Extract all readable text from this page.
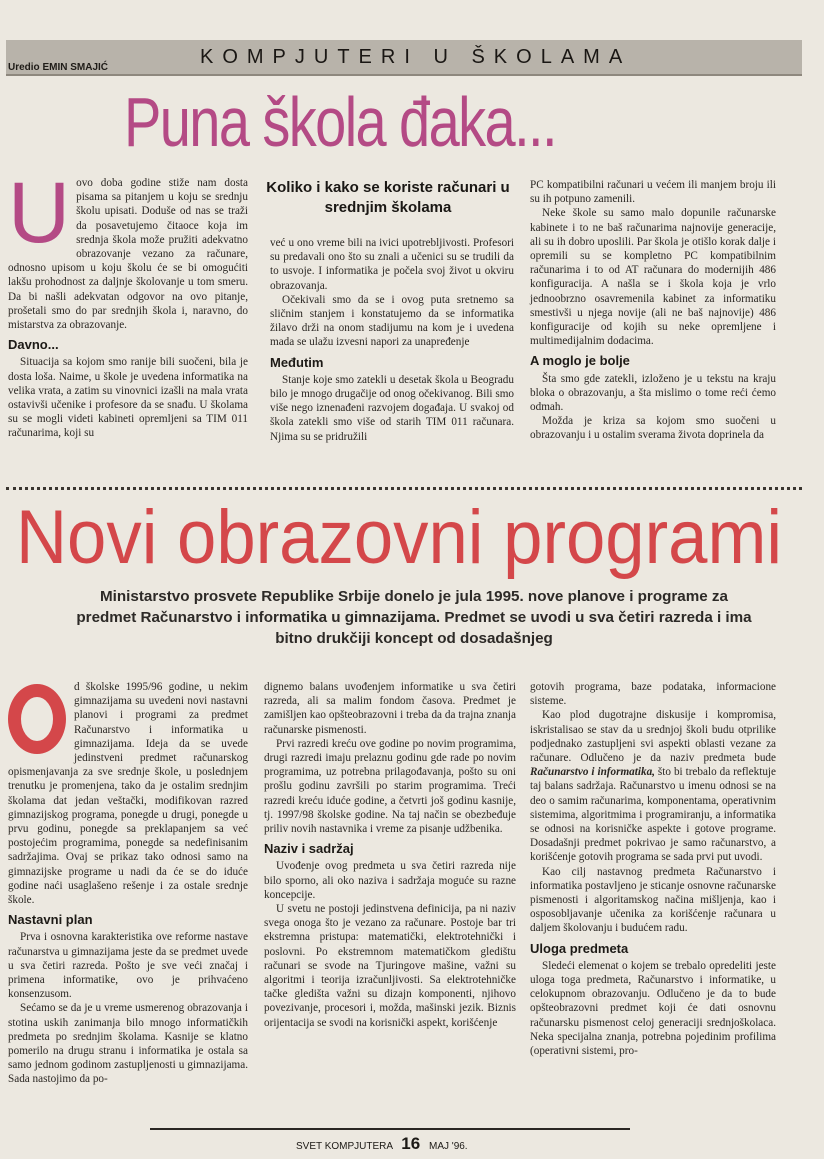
Uredio EMIN SMAJIĆ	KOMPJUTERI U ŠKOLAMA
Puna škola đaka...
U ovo doba godine stiže nam dosta pisama sa pitanjem u koju se srednju školu upisati. Doduše od nas se traži da posavetujemo čitaoce koja im srednja škola može pružiti adekvatno obrazovanje vezano za računare, odnosno upisom u koju školu će se bi omogućiti lakšu prohodnost za daljnje školovanje u tom smeru. Da bi našli adekvatan odgovor na ovo pitanje, prošetali smo do par srednjih škola i, naravno, do mistarstva za obrazovanje.

Davno...

Situacija sa kojom smo ranije bili suočeni, bila je dosta loša. Naime, u škole je uvedena informatika na velika vrata, a zatim su vinovnici izašli na mala vrata ostavivši učenike i profesore da se snađu. U školama su se mogli videti kabineti opremljeni sa TIM 011 računarima, koji su

Koliko i kako se koriste računari u srednjim školama

već u ono vreme bili na ivici upotrebljivosti. Profesori su predavali ono što su znali a učenici su se trudili da to usvoje. I informatika je počela svoj život u okviru obrazovanja.

Očekivali smo da se i ovog puta sretnemo sa sličnim stanjem i konstatujemo da se informatika žilavo drži na onom stadijumu na kom je i uvedena mada se ulažu izvesni napori za unapređenje

Međutim

Stanje koje smo zatekli u desetak škola u Beogradu bilo je mnogo drugačije od onog očekivanog. Bili smo više nego iznenađeni razvojem događaja. U svakoj od škola zatekli smo više od starih TIM 011 računara. Njima su se pridružili

PC kompatibilni računari u većem ili manjem broju ili su ih potpuno zamenili.

Neke škole su samo malo dopunile računarske kabinete i to ne baš računarima najnovije generacije, ali su ih dobro uposlili. Par škola je otišlo korak dalje i opremili su se kompletno PC kompatibilnim računarima i to od AT računara do modernijih 486 konfiguracija. A našla se i škola koja je vrlo jednoobrzno osavremenila kabinet za informatiku smestivši u njega novije (ali ne baš najnovije) 486 konfiguracije od kojih su neke opremljene i multimedijalnim dodacima.

A moglo je bolje

Šta smo gde zatekli, izloženo je u tekstu na kraju bloka o obrazovanju, a šta mislimo o tome reći ćemo odmah.

Možda je kriza sa kojom smo suočeni u obrazovanju i u ostalim sverama života doprinela da

Novi obrazovni programi
Ministarstvo prosvete Republike Srbije donelo je jula 1995. nove planove i programe za predmet Računarstvo i informatika u gimnazijama. Predmet se uvodi u sva četiri razreda i ima bitno drukčiji koncept od dosadašnjeg

d školske 1995/96 godine, u nekim gimnazijama su uvedeni novi nastavni planovi i programi za predmet Računarstvo i informatika u gimnazijama. Ideja da se uvede jedinstveni predmet računarskog opismenjavanja za sve srednje škole, u poslednjem trenutku je promenjena, tako da je ostalim srednjim školama dat jedan veštački, modifikovan razred gimnazijskog programa, ponegde u drugi, ponegde u prvu godinu, ponegde sa preklapanjem sa već postojećim programima, ponegde sa nedefinisanim sadržajima. Ovaj se prikaz tako odnosi samo na gimnazijske programe u nadi da će se do iduće godine naći usaglašeno rešenje i za ostale srednje škole.

Nastavni plan

Prva i osnovna karakteristika ove reforme nastave računarstva u gimnazijama jeste da se predmet uvede u sva četiri razreda. Pošto je sve veći značaj i primena informatike, ovo je prihvaćeno konsenzusom.

Sećamo se da je u vreme usmerenog obrazovanja i stotina uskih zanimanja bilo mnogo informatičkih predmeta po srednjim školama. Kasnije se klatno pomerilo na drugu stranu i informatika je ostala sa samo jednom godinom zastupljenosti u gimnazijama. Sada nastojimo da po-

dignemo balans uvođenjem informatike u sva četiri razreda, ali sa malim fondom časova. Predmet je zamišljen kao opšteobrazovni i treba da da trajna znanja računarske pismenosti.

Prvi razredi kreću ove godine po novim programima, drugi razredi imaju prelaznu godinu gde rade po novim programima, uz potrebna prilagođavanja, pošto su oni prošlu godinu završili po starim programima. Treći razredi kreću iduće godine, a četvrti još godinu kasnije, tj. 1997/98 školske godine. Na taj način se obezbeđuje priliv novih nastavnika i vreme za pisanje udžbenika.

Naziv i sadržaj

Uvođenje ovog predmeta u sva četiri razreda nije bilo sporno, ali oko naziva i sadržaja moguće su razne koncepcije.

U svetu ne postoji jedinstvena definicija, pa ni naziv svega onoga što je vezano za računare. Postoje bar tri ekstremna pristupa: matematički, elektrotehnički i poslovni. Po ekstremnom matematičkom gledištu računari se svode na Tjuringove mašine, važni su algoritmi i teorija izračunljivosti. Sa elektrotehničke tačke gledišta važni su dizajn komponenti, njihovo povezivanje, procesori i, možda, mašinski jezik. Biznis orijentacija se svodi na korisnički aspekt, korišćenje

gotovih programa, baze podataka, informacione sisteme.

Kao plod dugotrajne diskusije i kompromisa, iskristalisao se stav da u srednjoj školi budu otprilike podjednako zastupljeni svi aspekti oblasti vezane za računare. Odlučeno je da naziv predmeta bude Računarstvo i informatika, što bi trebalo da reflektuje taj balans sadržaja. Računarstvo u imenu odnosi se na deo o samim računarima, komponentama, operativnim sistemima, algoritmima i programiranju, a informatika se odnosi na korisničke aspekte i gotove programe. Dosadašnji predmet pokrivao je samo računarstvo, a korišćenje gotovih programa se sada prvi put uvodi.

Kao cilj nastavnog predmeta Računarstvo i informatika postavljeno je sticanje osnovne računarske pismenosti i algoritamskog načina mišljenja, kao i osposobljavanje učenika za korišćenje računara u daljem školovanju i budućem radu.

Uloga predmeta

Sledeći elemenat o kojem se trebalo opredeliti jeste uloga toga predmeta, Računarstvo i informatike, u celokupnom obrazovanju. Odlučeno je da to bude opšteobrazovni predmet koji će dati osnovnu računarsku pismenost celoj generaciji srednjoškolaca. Neka specijalna znanja, potrebna pojedinim profilima (operativni sistemi, pro-

SVET KOMPJUTERA 16 MAJ '96.
